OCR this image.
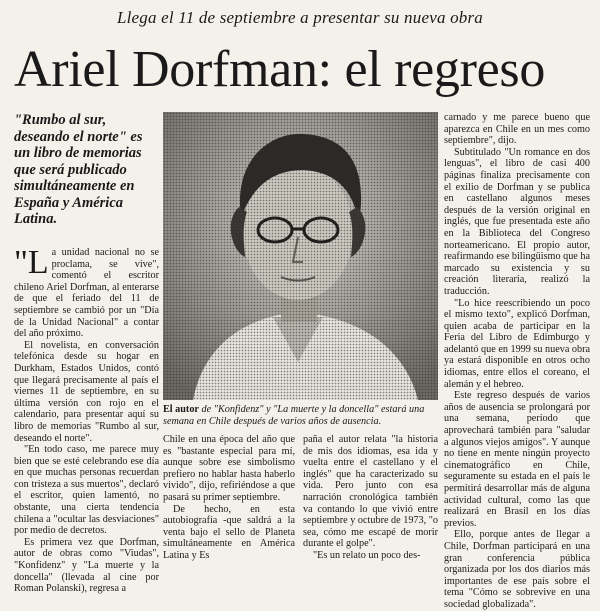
Llega el 11 de septiembre a presentar su nueva obra
Ariel Dorfman: el regreso
"Rumbo al sur, deseando el norte" es un libro de memorias que será publicado simultáneamente en España y América Latina.

"La unidad nacional no se proclama, se vive", comentó el escritor chileno Ariel Dorfman, al enterarse de que el feriado del 11 de septiembre se cambió por un "Día de la Unidad Nacional" a contar del año próximo.

El novelista, en conversación telefónica desde su hogar en Durkham, Estados Unidos, contó que llegará precisamente al país el viernes 11 de septiembre, en su última versión con rojo en el calendario, para presentar aquí su libro de memorias "Rumbo al sur, deseando el norte".

"En todo caso, me parece muy bien que se esté celebrando ese día en que muchas personas recuerdan con tristeza a sus muertos", declaró el escritor, quien lamentó, no obstante, una cierta tendencia chilena a "ocultar las desviaciones" por medio de decretos.

Es primera vez que Dorfman, autor de obras como "Viudas", "Konfidenz" y "La muerte y la doncella" (llevada al cine por Roman Polanski), regresa a

El autor de "Konfidenz" y "La muerte y la doncella" estará una semana en Chile después de varios años de ausencia.

Chile en una época del año que es "bastante especial para mí, aunque sobre ese simbolismo prefiero no hablar hasta haberlo vivido", dijo, refiriéndose a que pasará su primer septiembre.

De hecho, en esta autobiografía -que saldrá a la venta bajo el sello de Planeta simultáneamente en América Latina y Es

paña el autor relata "la historia de mis dos idiomas, esa ida y vuelta entre el castellano y el inglés" que ha caracterizado su vida. Pero junto con esa narración cronológica también va contando lo que vivió entre septiembre y octubre de 1973, "o sea, cómo me escapé de morir durante el golpe".

"Es un relato un poco des-

carnado y me parece bueno que aparezca en Chile en un mes como septiembre", dijo.

Subtitulado "Un romance en dos lenguas", el libro de casi 400 páginas finaliza precisamente con el exilio de Dorfman y se publica en castellano algunos meses después de la versión original en inglés, que fue presentada este año en la Biblioteca del Congreso norteamericano. El propio autor, reafirmando ese bilingüismo que ha marcado su existencia y su creación literaria, realizó la traducción.

"Lo hice reescribiendo un poco el mismo texto", explicó Dorfman, quien acaba de participar en la Feria del Libro de Edimburgo y adelantó que en 1999 su nueva obra ya estará disponible en otros ocho idiomas, entre ellos el coreano, el alemán y el hebreo.

Este regreso después de varios años de ausencia se prolongará por una semana, período que aprovechará también para "saludar a algunos viejos amigos". Y aunque no tiene en mente ningún proyecto cinematográfico en Chile, seguramente su estada en el país le permitirá desarrollar más de alguna actividad cultural, como las que realizará en Brasil en los días previos.

Ello, porque antes de llegar a Chile, Dorfman participará en una gran conferencia pública organizada por los dos diarios más importantes de ese país sobre el tema "Cómo se sobrevive en una sociedad globalizada".
